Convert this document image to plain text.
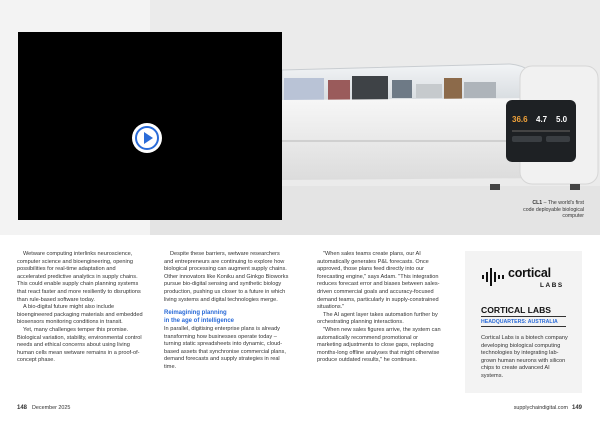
36.6 4.7 5.0
CL1 – The world's first code deployable biological computer

Wetware computing interlinks neuroscience, computer science and bioengineering, opening possibilities for real-time adaptation and accelerated predictive analytics in supply chains. This could enable supply chain planning systems that react faster and more resiliently to disruptions than rule-based software today.

A bio-digital future might also include bioengineered packaging materials and embedded biosensors monitoring conditions in transit.

Yet, many challenges temper this promise. Biological variation, stability, environmental control needs and ethical concerns about using living human cells mean wetware remains in a proof-of-concept phase.

Despite these barriers, wetware researchers and entrepreneurs are continuing to explore how biological processing can augment supply chains. Other innovators like Koniku and Ginkgo Bioworks pursue bio-digital sensing and synthetic biology production, pushing us closer to a future in which living systems and digital technologies merge.

Reimagining planning
in the age of intelligence

In parallel, digitising enterprise plans is already transforming how businesses operate today – turning static spreadsheets into dynamic, cloud-based assets that synchronise commercial plans, demand forecasts and supply strategies in real time.

"When sales teams create plans, our AI automatically generates P&L forecasts. Once approved, those plans feed directly into our forecasting engine," says Adam. "This integration reduces forecast error and biases between sales-driven commercial goals and accuracy-focused demand teams, particularly in supply-constrained situations."

The AI agent layer takes automation further by orchestrating planning interactions.

"When new sales figures arrive, the system can automatically recommend promotional or marketing adjustments to close gaps, replacing months-long offline analyses that might otherwise produce outdated results," he continues.

cortical
LABS
CORTICAL LABS
HEADQUARTERS: AUSTRALIA
Cortical Labs is a biotech company developing biological computing technologies by integrating lab-grown human neurons with silicon chips to create advanced AI systems.
148 December 2025	supplychaindigital.com 149
